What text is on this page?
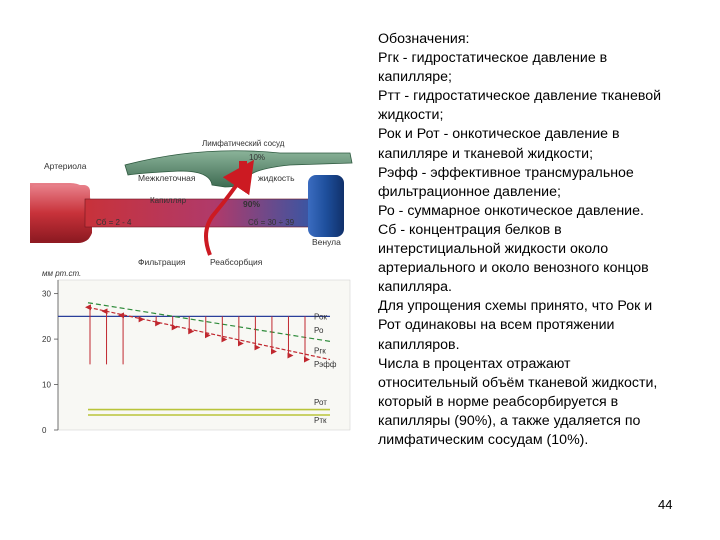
Лимфатический сосуд
10%
Артериола
Межклеточная	жидкость
Капилляр	90%
Сб = 2 - 4	Сб = 30 ÷ 39
Венула
Фильтрация	Реабсорбция
мм рт.ст.
30
20
10
0
Рок
Ро
Ргк
Рэфф
Рот
Ртк
Обозначения:
Ргк - гидростатическое давление в
капилляре;
Ртт - гидростатическое давление тканевой
жидкости;
Рок и Рот - онкотическое давление в
капилляре и тканевой жидкости;
Рэфф - эффективное трансмуральное
фильтрационное давление;
Ро - суммарное онкотическое давление.
Сб - концентрация белков в
интерстициальной жидкости около
артериального и около венозного концов
капилляра.
Для упрощения схемы принято, что Рок и
Рот одинаковы на всем протяжении
капилляров.
Числа в процентах отражают
относительный объём тканевой жидкости,
который в норме реабсорбируется в
капилляры (90%), а также удаляется по
лимфатическим сосудам (10%).
44
